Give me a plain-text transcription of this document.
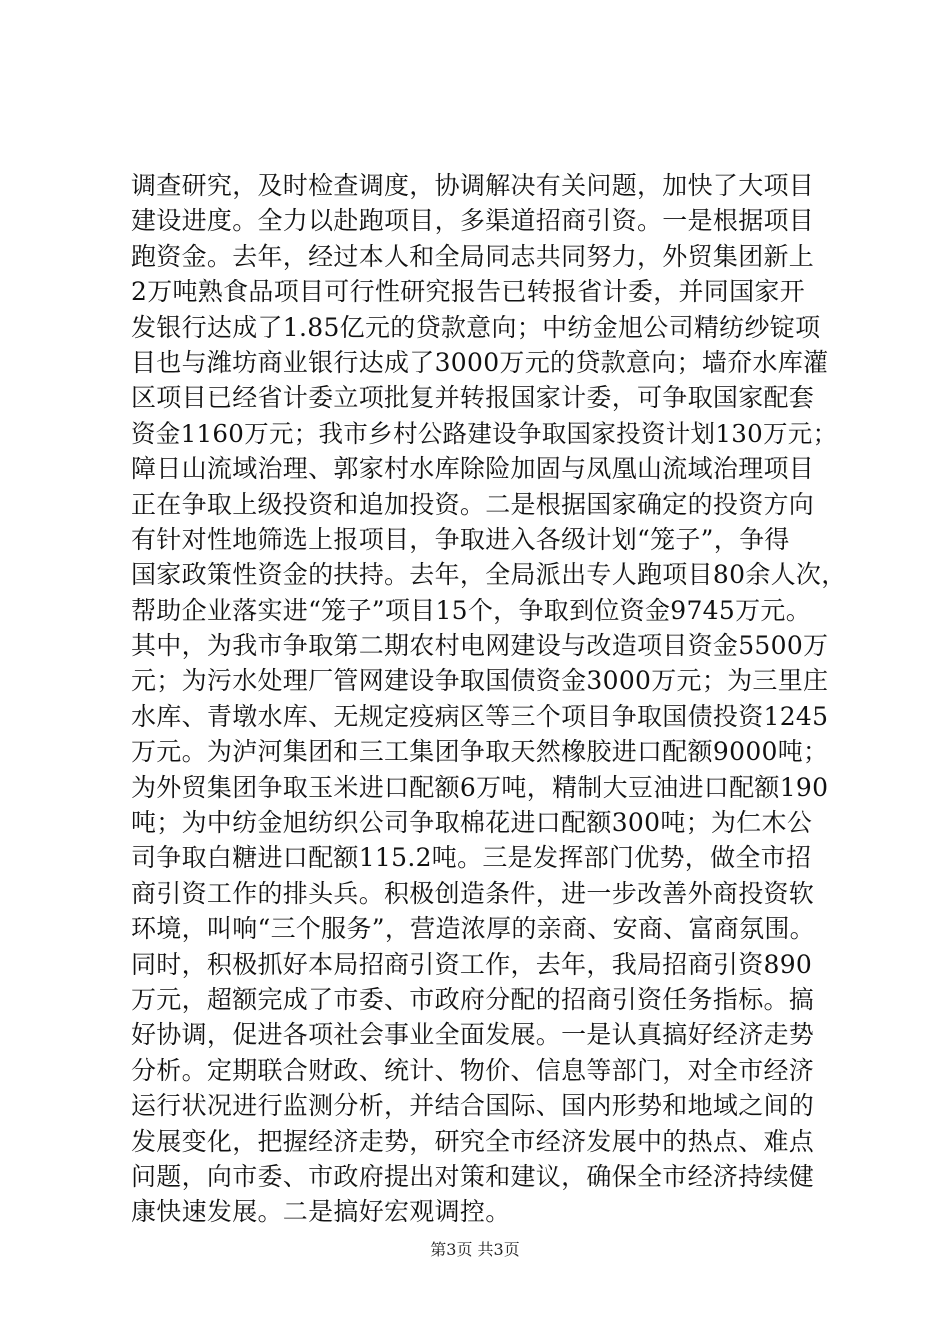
调查研究，及时检查调度，协调解决有关问题，加快了大项目
建设进度。全力以赴跑项目，多渠道招商引资。一是根据项目
跑资金。去年，经过本人和全局同志共同努力，外贸集团新上
2万吨熟食品项目可行性研究报告已转报省计委，并同国家开
发银行达成了1.85亿元的贷款意向；中纺金旭公司精纺纱锭项
目也与潍坊商业银行达成了3000万元的贷款意向；墙夼水库灌
区项目已经省计委立项批复并转报国家计委，可争取国家配套
资金1160万元；我市乡村公路建设争取国家投资计划130万元；
障日山流域治理、郭家村水库除险加固与凤凰山流域治理项目
正在争取上级投资和追加投资。二是根据国家确定的投资方向
有针对性地筛选上报项目，争取进入各级计划“笼子”，争得
国家政策性资金的扶持。去年，全局派出专人跑项目80余人次，
帮助企业落实进“笼子”项目15个，争取到位资金9745万元。
其中，为我市争取第二期农村电网建设与改造项目资金5500万
元；为污水处理厂管网建设争取国债资金3000万元；为三里庄
水库、青墩水库、无规定疫病区等三个项目争取国债投资1245
万元。为泸河集团和三工集团争取天然橡胶进口配额9000吨；
为外贸集团争取玉米进口配额6万吨，精制大豆油进口配额190
吨；为中纺金旭纺织公司争取棉花进口配额300吨；为仁木公
司争取白糖进口配额115.2吨。三是发挥部门优势，做全市招
商引资工作的排头兵。积极创造条件，进一步改善外商投资软
环境，叫响“三个服务”，营造浓厚的亲商、安商、富商氛围。
同时，积极抓好本局招商引资工作，去年，我局招商引资890
万元，超额完成了市委、市政府分配的招商引资任务指标。搞
好协调，促进各项社会事业全面发展。一是认真搞好经济走势
分析。定期联合财政、统计、物价、信息等部门，对全市经济
运行状况进行监测分析，并结合国际、国内形势和地域之间的
发展变化，把握经济走势，研究全市经济发展中的热点、难点
问题，向市委、市政府提出对策和建议，确保全市经济持续健
康快速发展。二是搞好宏观调控。
第3页 共3页
